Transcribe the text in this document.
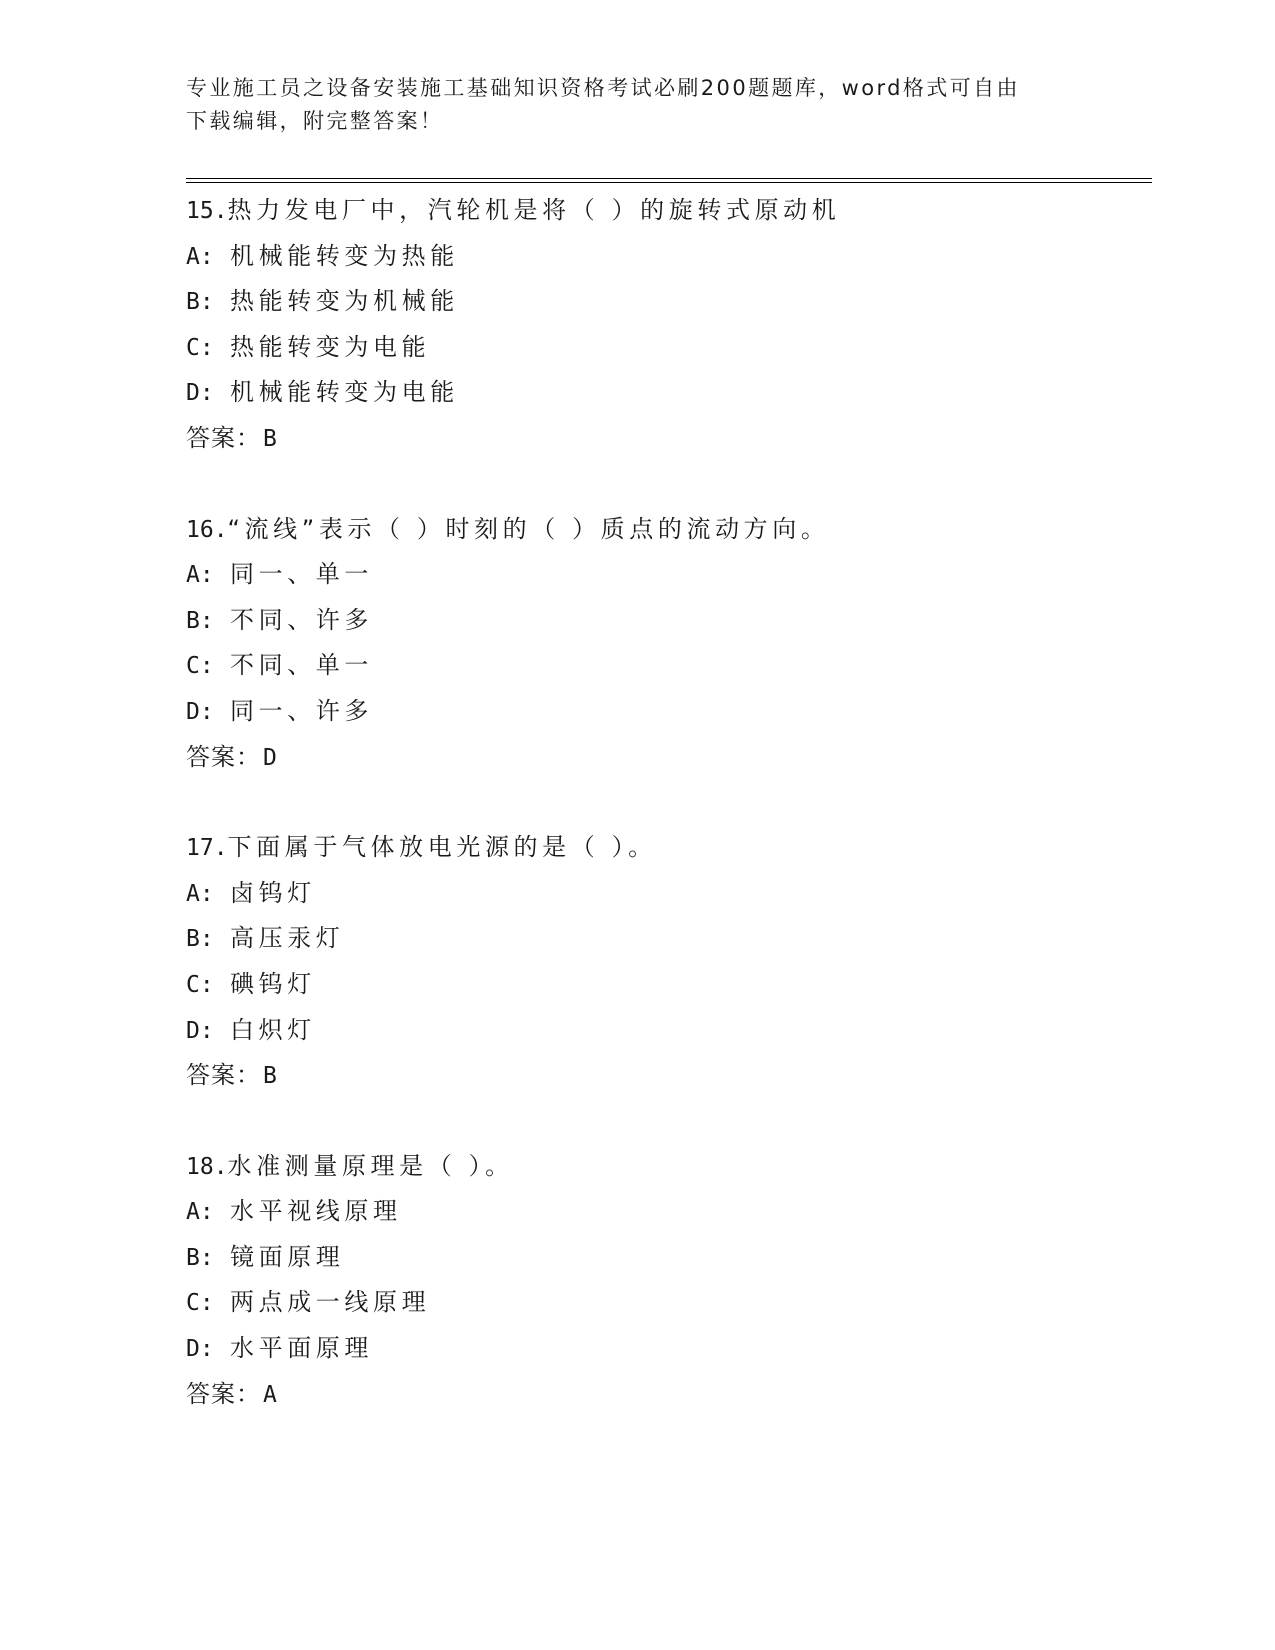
专业施工员之设备安装施工基础知识资格考试必刷200题题库，word格式可自由
下载编辑，附完整答案！
15.热力发电厂中，汽轮机是将（ ）的旋转式原动机
A: 机械能转变为热能
B: 热能转变为机械能
C: 热能转变为电能
D: 机械能转变为电能
答案：B
16.“流线”表示（ ）时刻的（ ）质点的流动方向。
A: 同一、单一
B: 不同、许多
C: 不同、单一
D: 同一、许多
答案：D
17.下面属于气体放电光源的是（ ）。
A: 卤钨灯
B: 高压汞灯
C: 碘钨灯
D: 白炽灯
答案：B
18.水准测量原理是（ ）。
A: 水平视线原理
B: 镜面原理
C: 两点成一线原理
D: 水平面原理
答案：A
